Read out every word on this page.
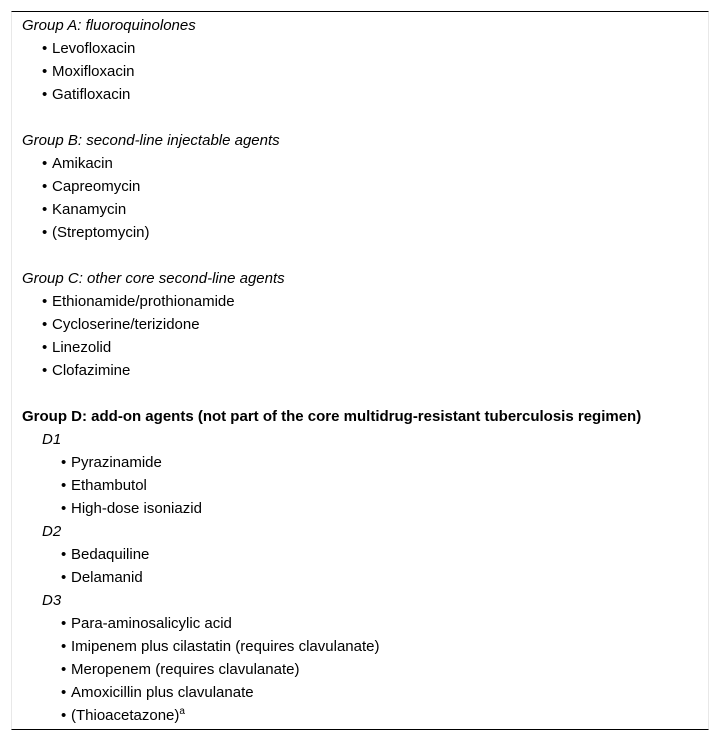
Group A: fluoroquinolones
• Levofloxacin
• Moxifloxacin
• Gatifloxacin
Group B: second-line injectable agents
• Amikacin
• Capreomycin
• Kanamycin
• (Streptomycin)
Group C: other core second-line agents
• Ethionamide/prothionamide
• Cycloserine/terizidone
• Linezolid
• Clofazimine
Group D: add-on agents (not part of the core multidrug-resistant tuberculosis regimen)
D1
• Pyrazinamide
• Ethambutol
• High-dose isoniazid
D2
• Bedaquiline
• Delamanid
D3
• Para-aminosalicylic acid
• Imipenem plus cilastatin (requires clavulanate)
• Meropenem (requires clavulanate)
• Amoxicillin plus clavulanate
• (Thioacetazone)$^a$
